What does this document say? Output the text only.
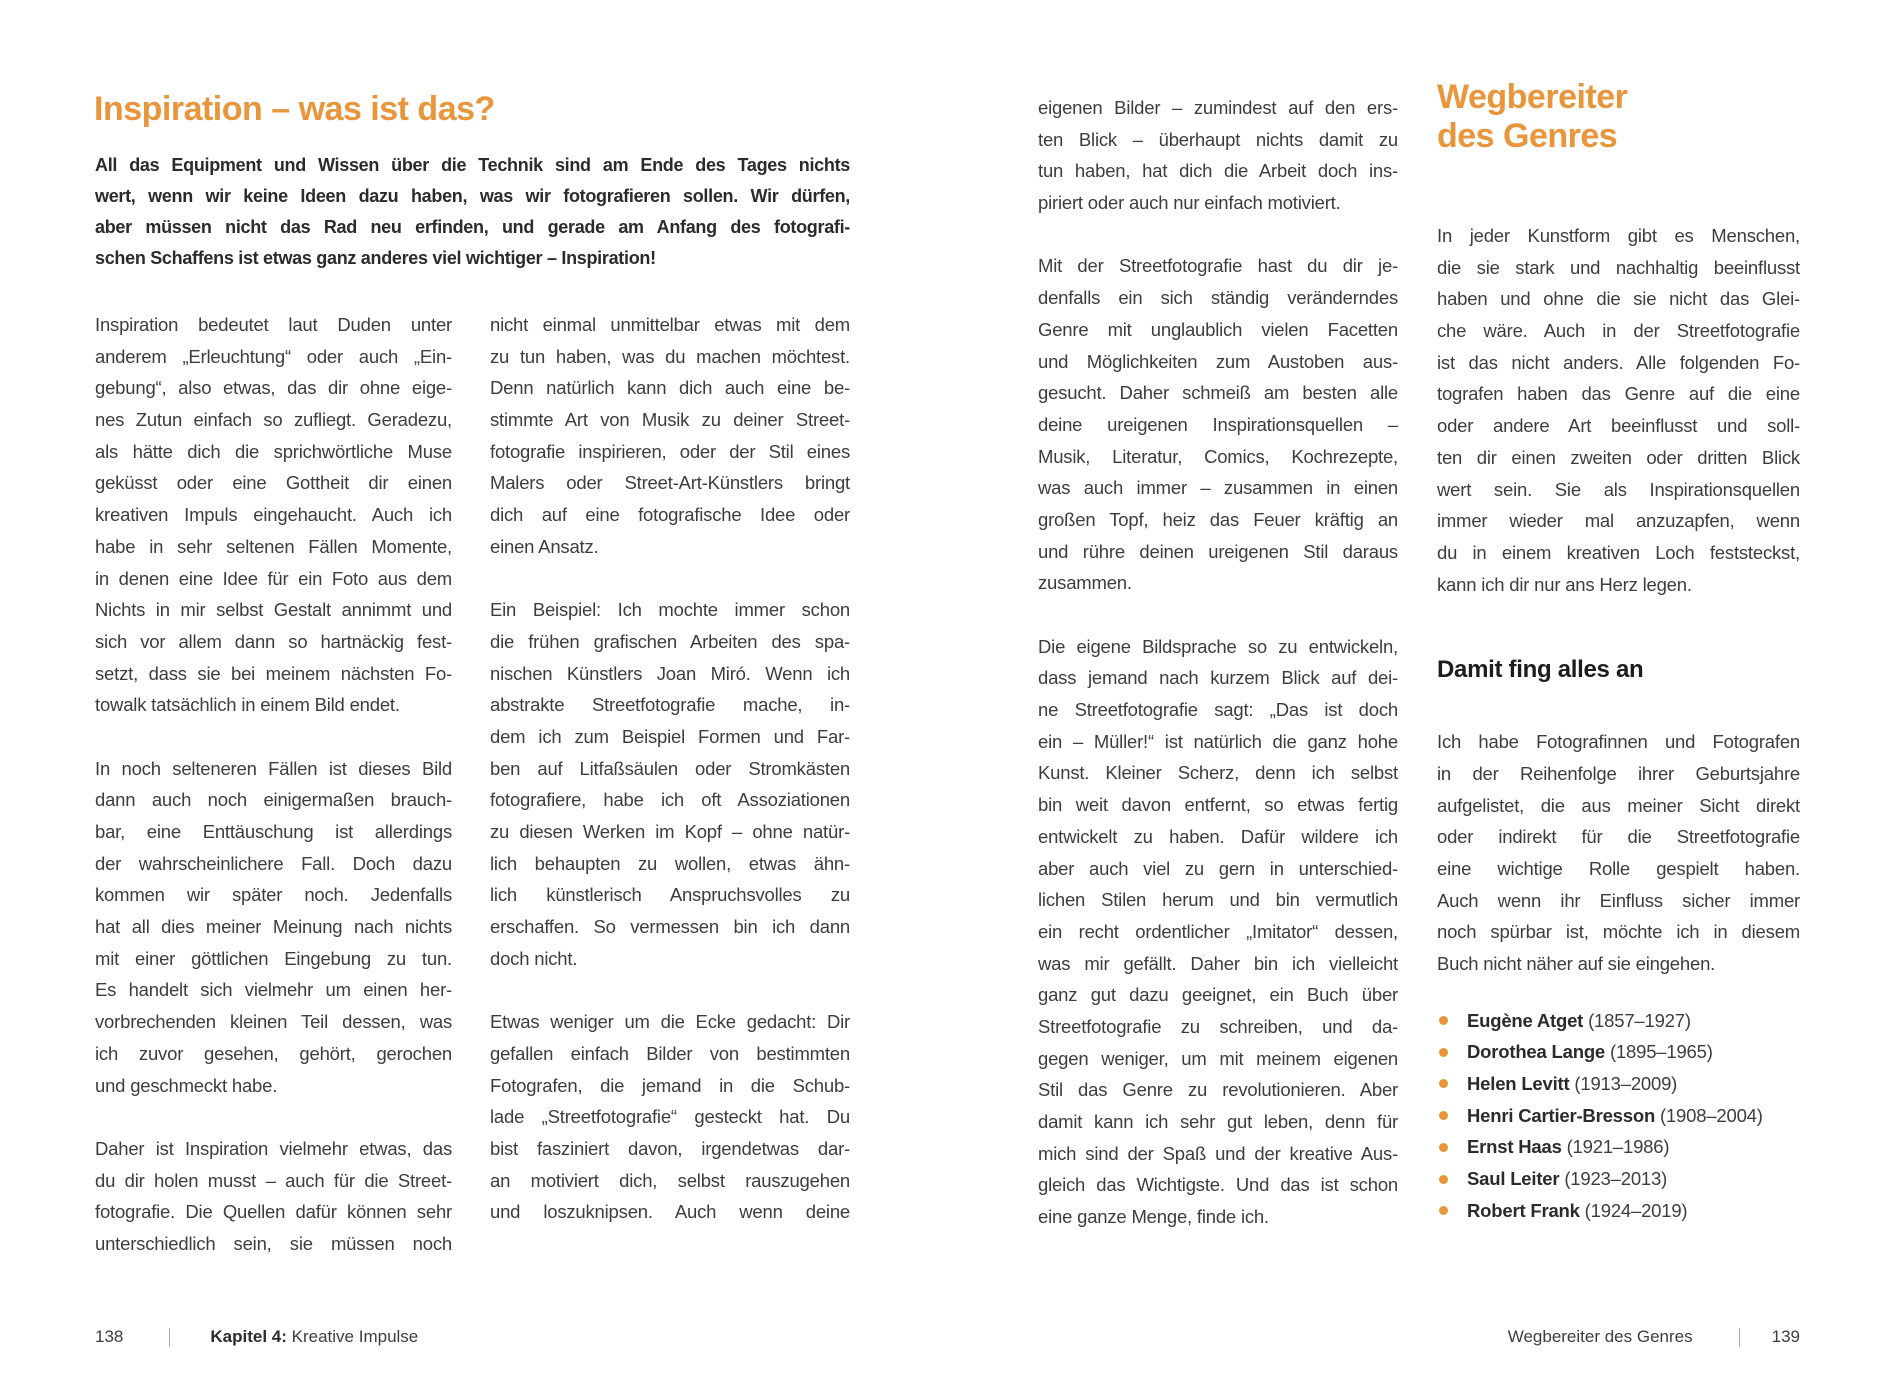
Inspiration – was ist das?
All das Equipment und Wissen über die Technik sind am Ende des Tages nichts
wert, wenn wir keine Ideen dazu haben, was wir fotografieren sollen. Wir dürfen,
aber müssen nicht das Rad neu erfinden, und gerade am Anfang des fotografi-
schen Schaffens ist etwas ganz anderes viel wichtiger – Inspiration!
Inspiration bedeutet laut Duden unter
anderem „Erleuchtung“ oder auch „Ein-
gebung“, also etwas, das dir ohne eige-
nes Zutun einfach so zufliegt. Geradezu,
als hätte dich die sprichwörtliche Muse
geküsst oder eine Gottheit dir einen
kreativen Impuls eingehaucht. Auch ich
habe in sehr seltenen Fällen Momente,
in denen eine Idee für ein Foto aus dem
Nichts in mir selbst Gestalt annimmt und
sich vor allem dann so hartnäckig fest-
setzt, dass sie bei meinem nächsten Fo-
towalk tatsächlich in einem Bild endet.
In noch selteneren Fällen ist dieses Bild
dann auch noch einigermaßen brauch-
bar, eine Enttäuschung ist allerdings
der wahrscheinlichere Fall. Doch dazu
kommen wir später noch. Jedenfalls
hat all dies meiner Meinung nach nichts
mit einer göttlichen Eingebung zu tun.
Es handelt sich vielmehr um einen her-
vorbrechenden kleinen Teil dessen, was
ich zuvor gesehen, gehört, gerochen
und geschmeckt habe.
Daher ist Inspiration vielmehr etwas, das
du dir holen musst – auch für die Street-
fotografie. Die Quellen dafür können sehr
unterschiedlich sein, sie müssen noch
nicht einmal unmittelbar etwas mit dem
zu tun haben, was du machen möchtest.
Denn natürlich kann dich auch eine be-
stimmte Art von Musik zu deiner Street-
fotografie inspirieren, oder der Stil eines
Malers oder Street-Art-Künstlers bringt
dich auf eine fotografische Idee oder
einen Ansatz.
Ein Beispiel: Ich mochte immer schon
die frühen grafischen Arbeiten des spa-
nischen Künstlers Joan Miró. Wenn ich
abstrakte Streetfotografie mache, in-
dem ich zum Beispiel Formen und Far-
ben auf Litfaßsäulen oder Stromkästen
fotografiere, habe ich oft Assoziationen
zu diesen Werken im Kopf – ohne natür-
lich behaupten zu wollen, etwas ähn-
lich künstlerisch Anspruchsvolles zu
erschaffen. So vermessen bin ich dann
doch nicht.
Etwas weniger um die Ecke gedacht: Dir
gefallen einfach Bilder von bestimmten
Fotografen, die jemand in die Schub-
lade „Streetfotografie“ gesteckt hat. Du
bist fasziniert davon, irgendetwas dar-
an motiviert dich, selbst rauszugehen
und loszuknipsen. Auch wenn deine
138	Kapitel 4: Kreative Impulse
eigenen Bilder – zumindest auf den ers-
ten Blick – überhaupt nichts damit zu
tun haben, hat dich die Arbeit doch ins-
piriert oder auch nur einfach motiviert.
Mit der Streetfotografie hast du dir je-
denfalls ein sich ständig veränderndes
Genre mit unglaublich vielen Facetten
und Möglichkeiten zum Austoben aus-
gesucht. Daher schmeiß am besten alle
deine ureigenen Inspirationsquellen –
Musik, Literatur, Comics, Kochrezepte,
was auch immer – zusammen in einen
großen Topf, heiz das Feuer kräftig an
und rühre deinen ureigenen Stil daraus
zusammen.
Die eigene Bildsprache so zu entwickeln,
dass jemand nach kurzem Blick auf dei-
ne Streetfotografie sagt: „Das ist doch
ein – Müller!“ ist natürlich die ganz hohe
Kunst. Kleiner Scherz, denn ich selbst
bin weit davon entfernt, so etwas fertig
entwickelt zu haben. Dafür wildere ich
aber auch viel zu gern in unterschied-
lichen Stilen herum und bin vermutlich
ein recht ordentlicher „Imitator“ dessen,
was mir gefällt. Daher bin ich vielleicht
ganz gut dazu geeignet, ein Buch über
Streetfotografie zu schreiben, und da-
gegen weniger, um mit meinem eigenen
Stil das Genre zu revolutionieren. Aber
damit kann ich sehr gut leben, denn für
mich sind der Spaß und der kreative Aus-
gleich das Wichtigste. Und das ist schon
eine ganze Menge, finde ich.
Wegbereiter
des Genres
In jeder Kunstform gibt es Menschen,
die sie stark und nachhaltig beeinflusst
haben und ohne die sie nicht das Glei-
che wäre. Auch in der Streetfotografie
ist das nicht anders. Alle folgenden Fo-
tografen haben das Genre auf die eine
oder andere Art beeinflusst und soll-
ten dir einen zweiten oder dritten Blick
wert sein. Sie als Inspirationsquellen
immer wieder mal anzuzapfen, wenn
du in einem kreativen Loch feststeckst,
kann ich dir nur ans Herz legen.
Damit fing alles an
Ich habe Fotografinnen und Fotografen
in der Reihenfolge ihrer Geburtsjahre
aufgelistet, die aus meiner Sicht direkt
oder indirekt für die Streetfotografie
eine wichtige Rolle gespielt haben.
Auch wenn ihr Einfluss sicher immer
noch spürbar ist, möchte ich in diesem
Buch nicht näher auf sie eingehen.
Eugène Atget (1857–1927)
Dorothea Lange (1895–1965)
Helen Levitt (1913–2009)
Henri Cartier-Bresson (1908–2004)
Ernst Haas (1921–1986)
Saul Leiter (1923–2013)
Robert Frank (1924–2019)
Wegbereiter des Genres	139
